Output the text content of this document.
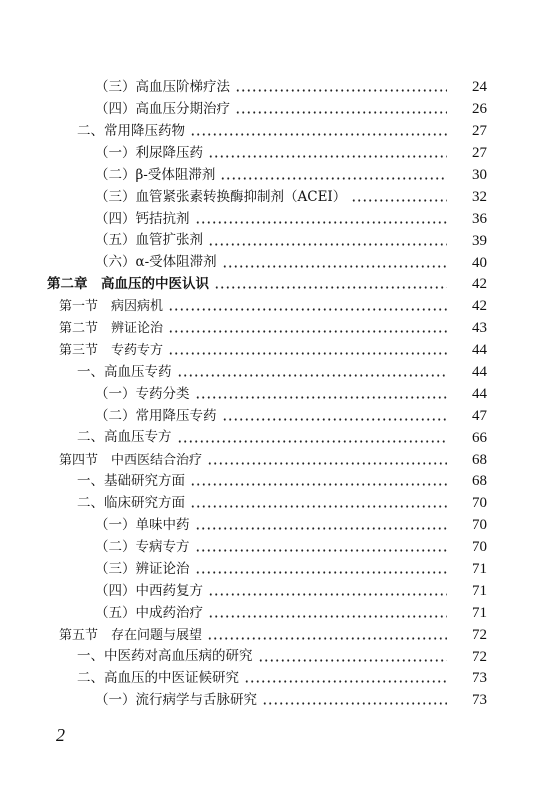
（三）高血压阶梯疗法	24
（四）高血压分期治疗	26
二、常用降压药物	27
（一）利尿降压药	27
（二）β-受体阻滞剂	30
（三）血管紧张素转换酶抑制剂（ACEI）	32
（四）钙拮抗剂	36
（五）血管扩张剂	39
（六）α-受体阻滞剂	40
第二章　高血压的中医认识	42
第一节　病因病机	42
第二节　辨证论治	43
第三节　专药专方	44
一、高血压专药	44
（一）专药分类	44
（二）常用降压专药	47
二、高血压专方	66
第四节　中西医结合治疗	68
一、基础研究方面	68
二、临床研究方面	70
（一）单味中药	70
（二）专病专方	70
（三）辨证论治	71
（四）中西药复方	71
（五）中成药治疗	71
第五节　存在问题与展望	72
一、中医药对高血压病的研究	72
二、高血压的中医证候研究	73
（一）流行病学与舌脉研究	73
2
